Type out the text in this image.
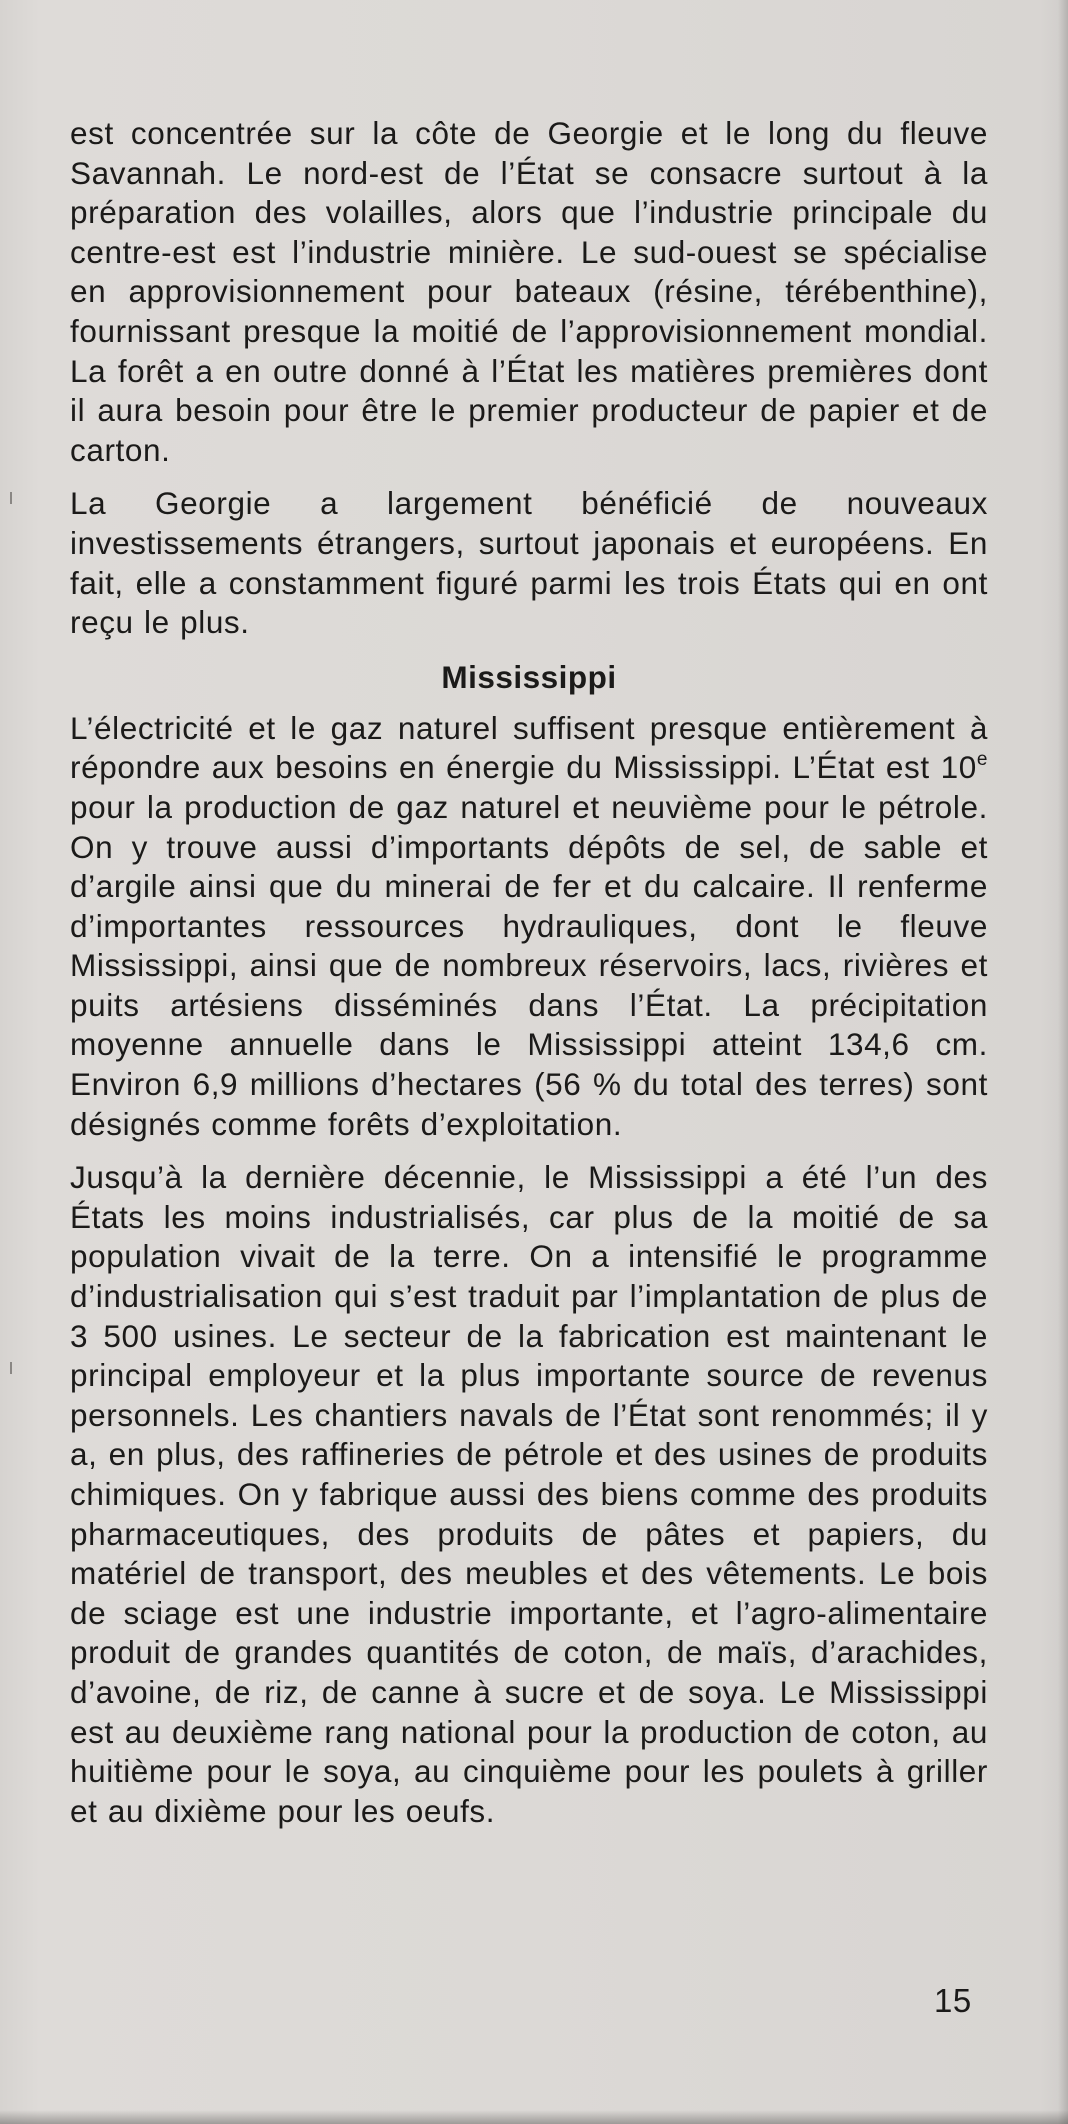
est concentrée sur la côte de Georgie et le long du fleuve Savannah. Le nord-est de l’État se consacre surtout à la préparation des volailles, alors que l’industrie principale du centre-est est l’industrie minière. Le sud-ouest se spécialise en approvisionnement pour bateaux (résine, térébenthine), fournissant presque la moitié de l’approvisionnement mondial. La forêt a en outre donné à l’État les matières premières dont il aura besoin pour être le premier producteur de papier et de carton.

La Georgie a largement bénéficié de nouveaux investissements étrangers, surtout japonais et européens. En fait, elle a constamment figuré parmi les trois États qui en ont reçu le plus.

Mississippi

L’électricité et le gaz naturel suffisent presque entièrement à répondre aux besoins en énergie du Mississippi. L’État est 10e pour la production de gaz naturel et neuvième pour le pétrole. On y trouve aussi d’importants dépôts de sel, de sable et d’argile ainsi que du minerai de fer et du calcaire. Il renferme d’importantes ressources hydrauliques, dont le fleuve Mississippi, ainsi que de nombreux réservoirs, lacs, rivières et puits artésiens disséminés dans l’État. La précipitation moyenne annuelle dans le Mississippi atteint 134,6 cm. Environ 6,9 millions d’hectares (56 % du total des terres) sont désignés comme forêts d’exploitation.

Jusqu’à la dernière décennie, le Mississippi a été l’un des États les moins industrialisés, car plus de la moitié de sa population vivait de la terre. On a intensifié le programme d’industrialisation qui s’est traduit par l’implantation de plus de 3 500 usines. Le secteur de la fabrication est maintenant le principal employeur et la plus importante source de revenus personnels. Les chantiers navals de l’État sont renommés; il y a, en plus, des raffineries de pétrole et des usines de produits chimiques. On y fabrique aussi des biens comme des produits pharmaceutiques, des produits de pâtes et papiers, du matériel de transport, des meubles et des vêtements. Le bois de sciage est une industrie importante, et l’agro-alimentaire produit de grandes quantités de coton, de maïs, d’arachides, d’avoine, de riz, de canne à sucre et de soya. Le Mississippi est au deuxième rang national pour la production de coton, au huitième pour le soya, au cinquième pour les poulets à griller et au dixième pour les oeufs.

15
